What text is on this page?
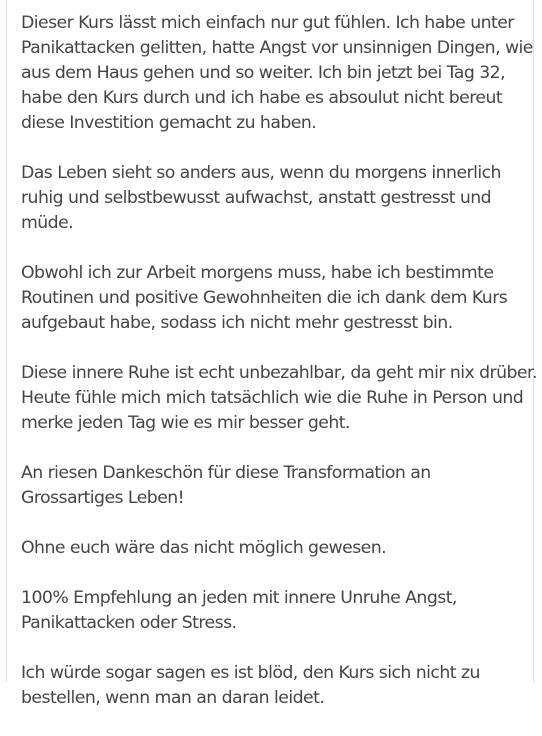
Dieser Kurs lässt mich einfach nur gut fühlen. Ich habe unter Panikattacken gelitten, hatte Angst vor unsinnigen Dingen, wie aus dem Haus gehen und so weiter. Ich bin jetzt bei Tag 32, habe den Kurs durch und ich habe es absoulut nicht bereut diese Investition gemacht zu haben.

Das Leben sieht so anders aus, wenn du morgens innerlich ruhig und selbstbewusst aufwachst, anstatt gestresst und müde.

Obwohl ich zur Arbeit morgens muss, habe ich bestimmte Routinen und positive Gewohnheiten die ich dank dem Kurs aufgebaut habe, sodass ich nicht mehr gestresst bin.

Diese innere Ruhe ist echt unbezahlbar, da geht mir nix drüber. Heute fühle mich mich tatsächlich wie die Ruhe in Person und merke jeden Tag wie es mir besser geht.

An riesen Dankeschön für diese Transformation an Grossartiges Leben!

Ohne euch wäre das nicht möglich gewesen.

100% Empfehlung an jeden mit innere Unruhe Angst, Panikattacken oder Stress.

Ich würde sogar sagen es ist blöd, den Kurs sich nicht zu bestellen, wenn man an daran leidet.
